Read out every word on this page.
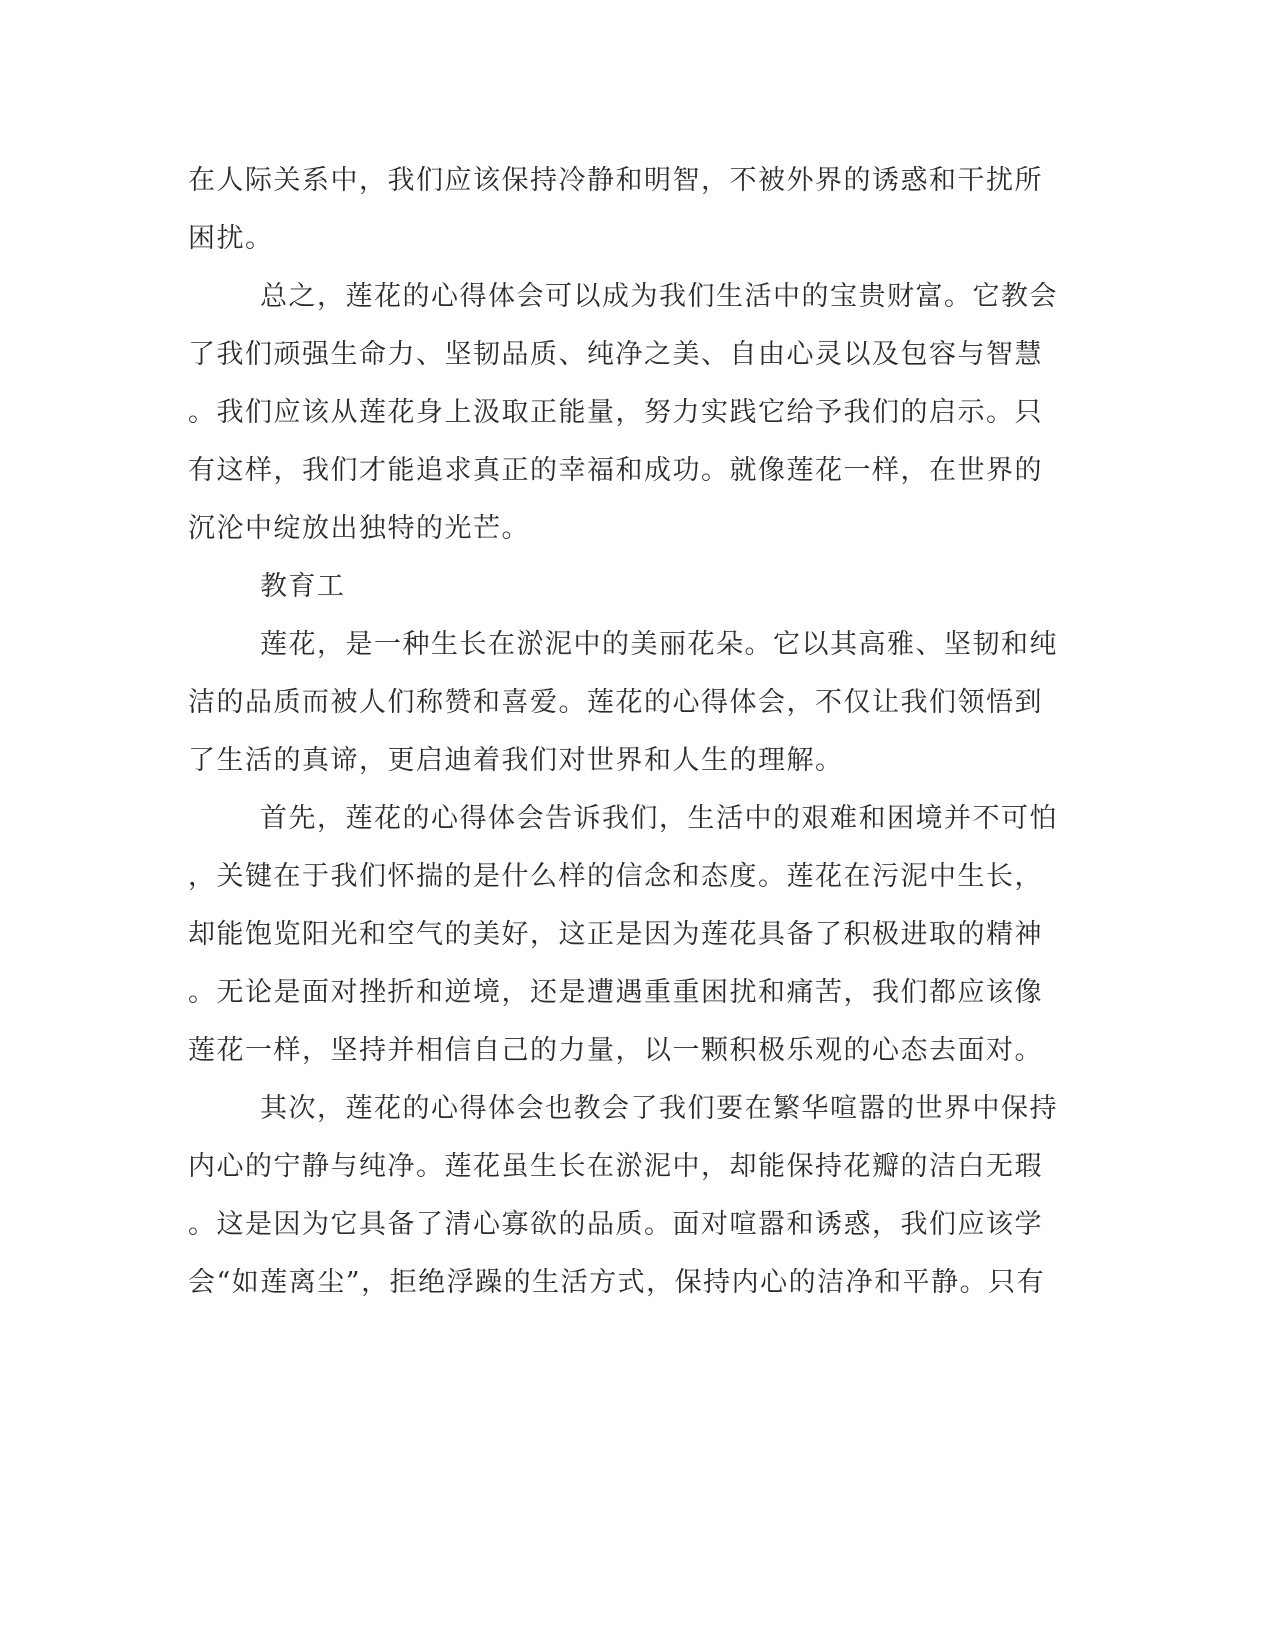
在人际关系中，我们应该保持冷静和明智，不被外界的诱惑和干扰所
困扰。
总之，莲花的心得体会可以成为我们生活中的宝贵财富。它教会
了我们顽强生命力、坚韧品质、纯净之美、自由心灵以及包容与智慧
。我们应该从莲花身上汲取正能量，努力实践它给予我们的启示。只
有这样，我们才能追求真正的幸福和成功。就像莲花一样，在世界的
沉沦中绽放出独特的光芒。
教育工
莲花，是一种生长在淤泥中的美丽花朵。它以其高雅、坚韧和纯
洁的品质而被人们称赞和喜爱。莲花的心得体会，不仅让我们领悟到
了生活的真谛，更启迪着我们对世界和人生的理解。
首先，莲花的心得体会告诉我们，生活中的艰难和困境并不可怕
，关键在于我们怀揣的是什么样的信念和态度。莲花在污泥中生长，
却能饱览阳光和空气的美好，这正是因为莲花具备了积极进取的精神
。无论是面对挫折和逆境，还是遭遇重重困扰和痛苦，我们都应该像
莲花一样，坚持并相信自己的力量，以一颗积极乐观的心态去面对。
其次，莲花的心得体会也教会了我们要在繁华喧嚣的世界中保持
内心的宁静与纯净。莲花虽生长在淤泥中，却能保持花瓣的洁白无瑕
。这是因为它具备了清心寡欲的品质。面对喧嚣和诱惑，我们应该学
会“如莲离尘”，拒绝浮躁的生活方式，保持内心的洁净和平静。只有
